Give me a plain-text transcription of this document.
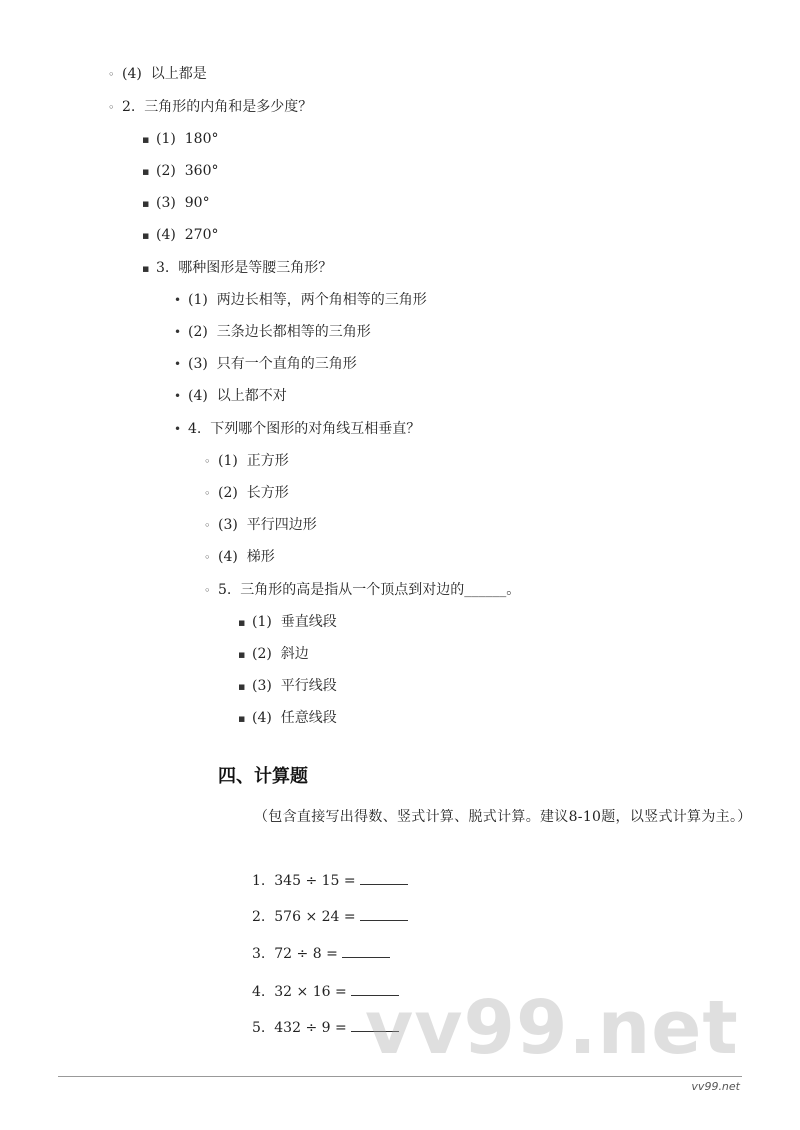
◦ (4) 以上都是
◦ 2. 三角形的内角和是多少度？
▪ (1) 180°
▪ (2) 360°
▪ (3) 90°
▪ (4) 270°
▪ 3. 哪种图形是等腰三角形？
• (1) 两边长相等，两个角相等的三角形
• (2) 三条边长都相等的三角形
• (3) 只有一个直角的三角形
• (4) 以上都不对
• 4. 下列哪个图形的对角线互相垂直？
◦ (1) 正方形
◦ (2) 长方形
◦ (3) 平行四边形
◦ (4) 梯形
◦ 5. 三角形的高是指从一个顶点到对边的______。
▪ (1) 垂直线段
▪ (2) 斜边
▪ (3) 平行线段
▪ (4) 任意线段
四、计算题
（包含直接写出得数、竖式计算、脱式计算。建议8-10题，以竖式计算为主。）
1. 345 ÷ 15 =
2. 576 × 24 =
3. 72 ÷ 8 =
4. 32 × 16 =
5. 432 ÷ 9 = vv99.net
vv99.net
